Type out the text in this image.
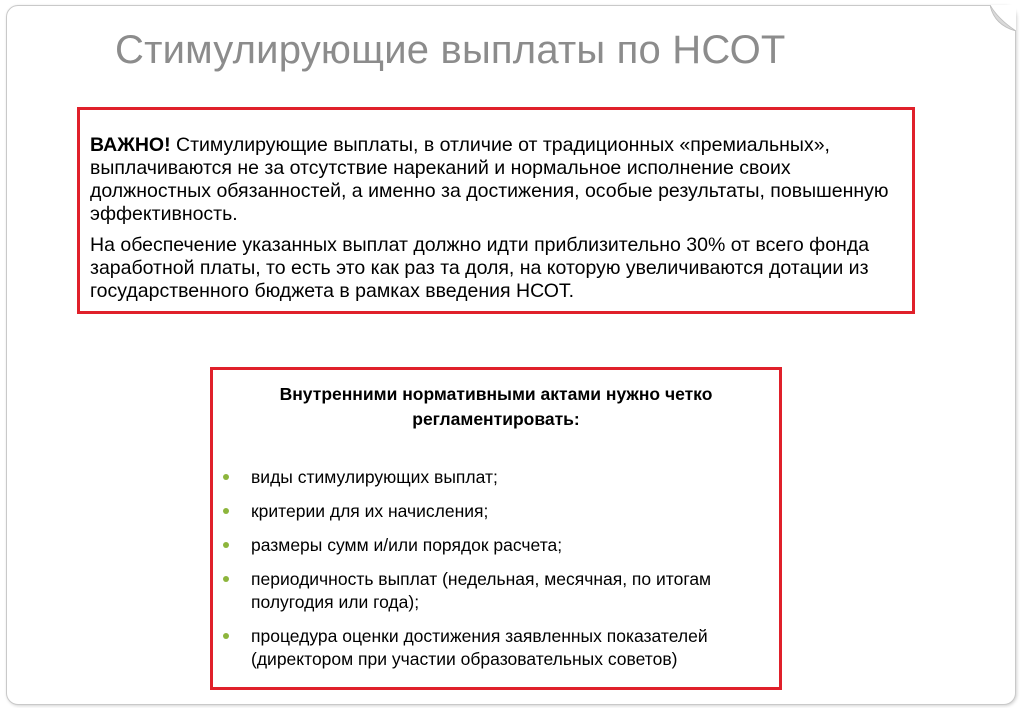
Стимулирующие выплаты по НСОТ

ВАЖНО! Стимулирующие выплаты, в отличие от традиционных «премиальных», выплачиваются не за отсутствие нареканий и нормальное исполнение своих должностных обязанностей, а именно за достижения, особые результаты, повышенную эффективность.

На обеспечение указанных выплат должно идти приблизительно 30% от всего фонда заработной платы, то есть это как раз та доля, на которую увеличиваются дотации из государственного бюджета в рамках введения НСОТ.

Внутренними нормативными актами нужно четко
регламентировать:
виды стимулирующих выплат;
критерии для их начисления;
размеры сумм и/или порядок расчета;
периодичность выплат (недельная, месячная, по итогам полугодия или года);
процедура оценки достижения заявленных показателей (директором при участии образовательных советов)
